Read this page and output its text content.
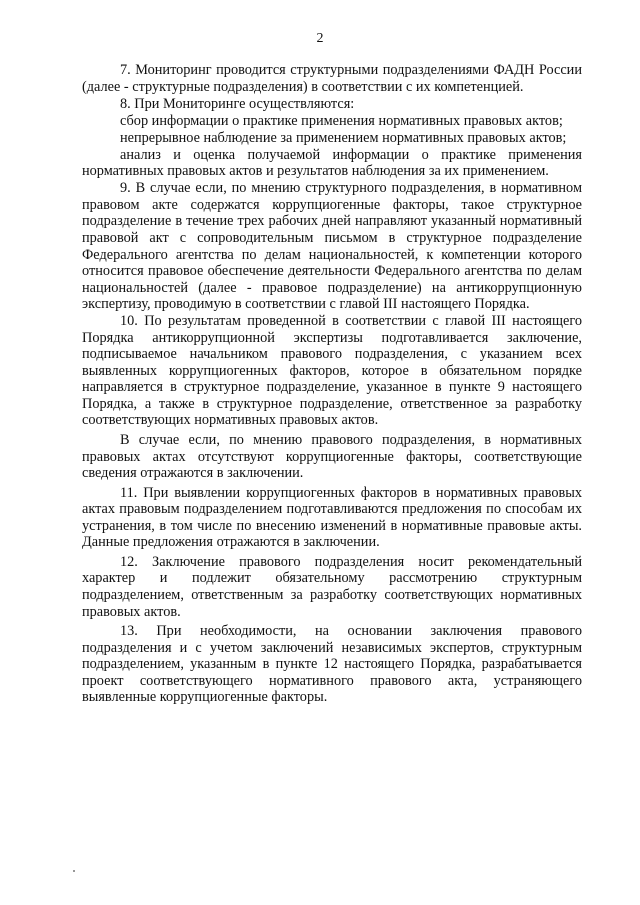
2

7. Мониторинг проводится структурными подразделениями ФАДН России (далее - структурные подразделения) в соответствии с их компетенцией.

8. При Мониторинге осуществляются:

сбор информации о практике применения нормативных правовых актов;

непрерывное наблюдение за применением нормативных правовых актов;

анализ и оценка получаемой информации о практике применения нормативных правовых актов и результатов наблюдения за их применением.

9. В случае если, по мнению структурного подразделения, в нормативном правовом акте содержатся коррупциогенные факторы, такое структурное подразделение в течение трех рабочих дней направляют указанный нормативный правовой акт с сопроводительным письмом в структурное подразделение Федерального агентства по делам национальностей, к компетенции которого относится правовое обеспечение деятельности Федерального агентства по делам национальностей (далее - правовое подразделение) на антикоррупционную экспертизу, проводимую в соответствии с главой III настоящего Порядка.

10. По результатам проведенной в соответствии с главой III настоящего Порядка антикоррупционной экспертизы подготавливается заключение, подписываемое начальником правового подразделения, с указанием всех выявленных коррупциогенных факторов, которое в обязательном порядке направляется в структурное подразделение, указанное в пункте 9 настоящего Порядка, а также в структурное подразделение, ответственное за разработку соответствующих нормативных правовых актов.

В случае если, по мнению правового подразделения, в нормативных правовых актах отсутствуют коррупциогенные факторы, соответствующие сведения отражаются в заключении.

11. При выявлении коррупциогенных факторов в нормативных правовых актах правовым подразделением подготавливаются предложения по способам их устранения, в том числе по внесению изменений в нормативные правовые акты. Данные предложения отражаются в заключении.

12. Заключение правового подразделения носит рекомендательный характер и подлежит обязательному рассмотрению структурным подразделением, ответственным за разработку соответствующих нормативных правовых актов.

13. При необходимости, на основании заключения правового подразделения и с учетом заключений независимых экспертов, структурным подразделением, указанным в пункте 12 настоящего Порядка, разрабатывается проект соответствующего нормативного правового акта, устраняющего выявленные коррупциогенные факторы.
